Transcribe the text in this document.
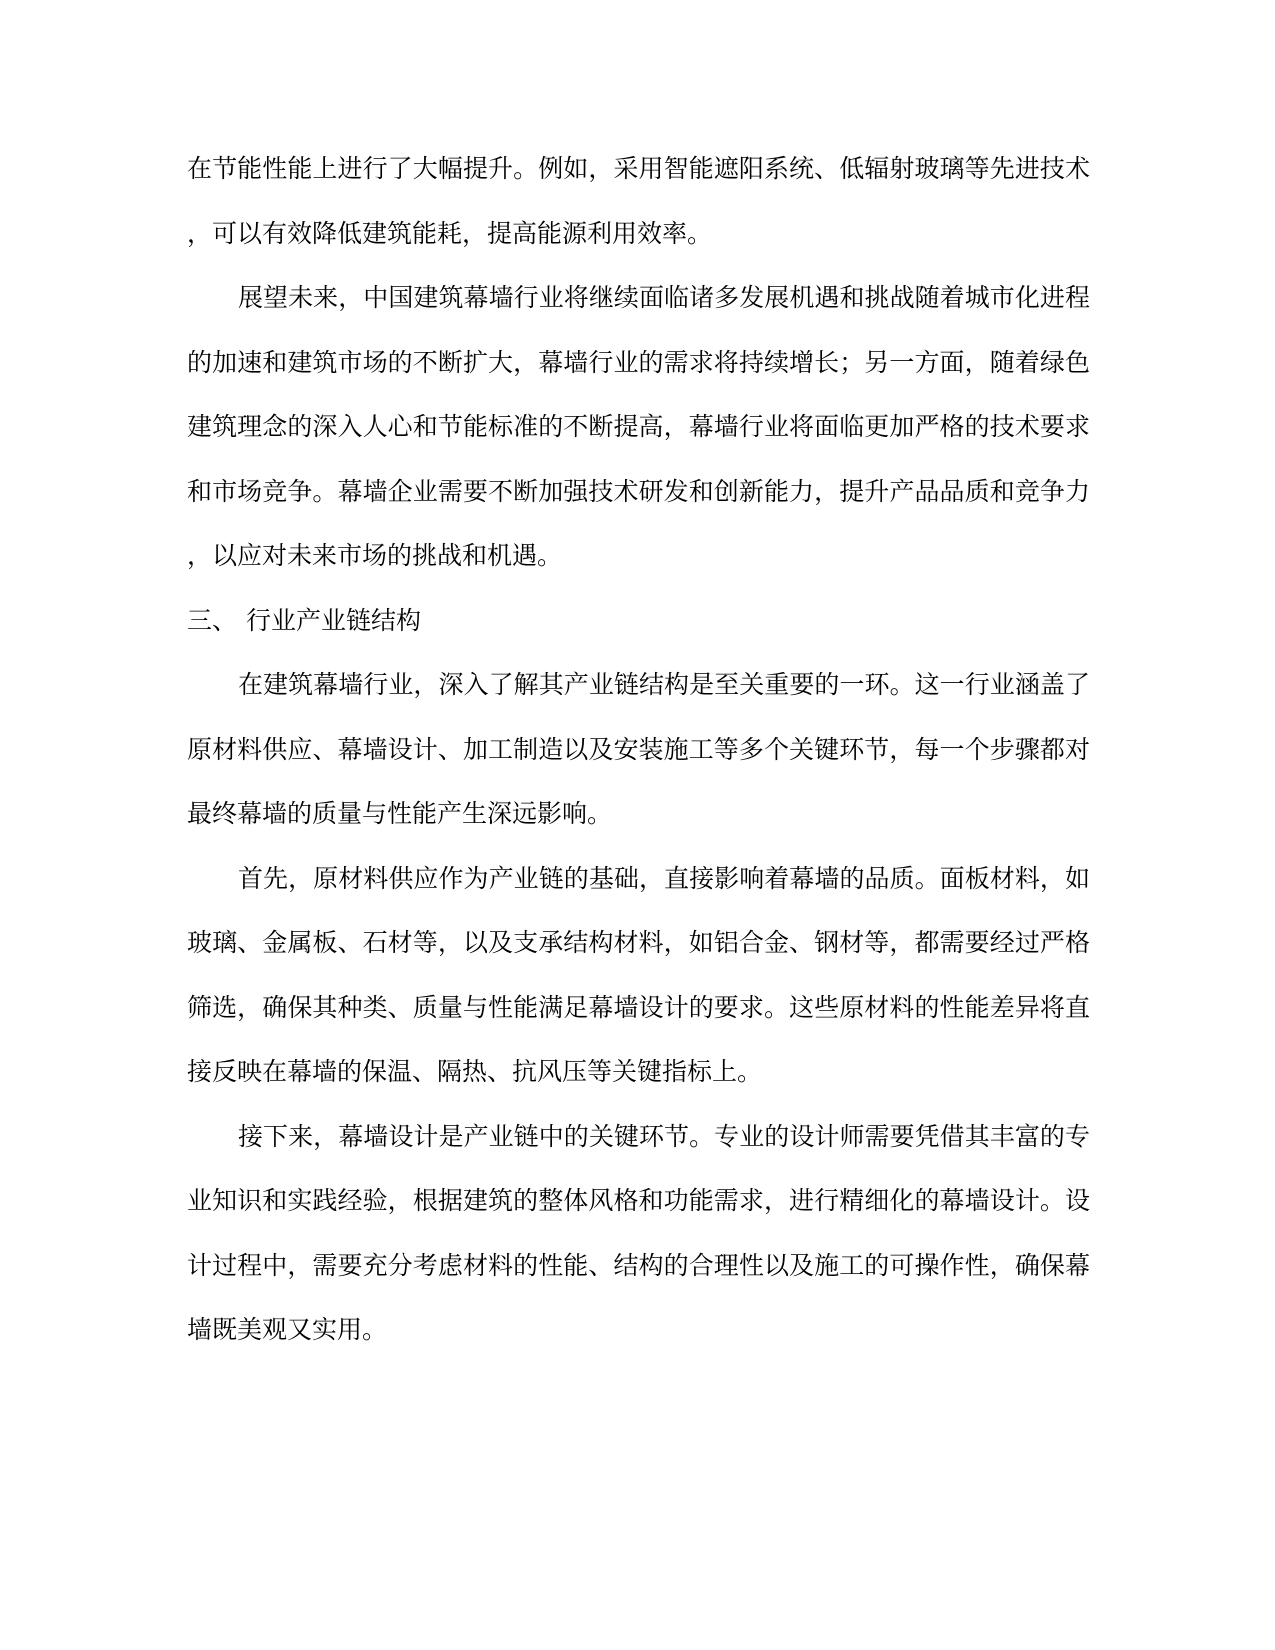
在节能性能上进行了大幅提升。例如，采用智能遮阳系统、低辐射玻璃等先进技术
，可以有效降低建筑能耗，提高能源利用效率。
展望未来，中国建筑幕墙行业将继续面临诸多发展机遇和挑战随着城市化进程
的加速和建筑市场的不断扩大，幕墙行业的需求将持续增长；另一方面，随着绿色
建筑理念的深入人心和节能标准的不断提高，幕墙行业将面临更加严格的技术要求
和市场竞争。幕墙企业需要不断加强技术研发和创新能力，提升产品品质和竞争力
，以应对未来市场的挑战和机遇。
三、 行业产业链结构
在建筑幕墙行业，深入了解其产业链结构是至关重要的一环。这一行业涵盖了
原材料供应、幕墙设计、加工制造以及安装施工等多个关键环节，每一个步骤都对
最终幕墙的质量与性能产生深远影响。
首先，原材料供应作为产业链的基础，直接影响着幕墙的品质。面板材料，如
玻璃、金属板、石材等，以及支承结构材料，如铝合金、钢材等，都需要经过严格
筛选，确保其种类、质量与性能满足幕墙设计的要求。这些原材料的性能差异将直
接反映在幕墙的保温、隔热、抗风压等关键指标上。
接下来，幕墙设计是产业链中的关键环节。专业的设计师需要凭借其丰富的专
业知识和实践经验，根据建筑的整体风格和功能需求，进行精细化的幕墙设计。设
计过程中，需要充分考虑材料的性能、结构的合理性以及施工的可操作性，确保幕
墙既美观又实用。
